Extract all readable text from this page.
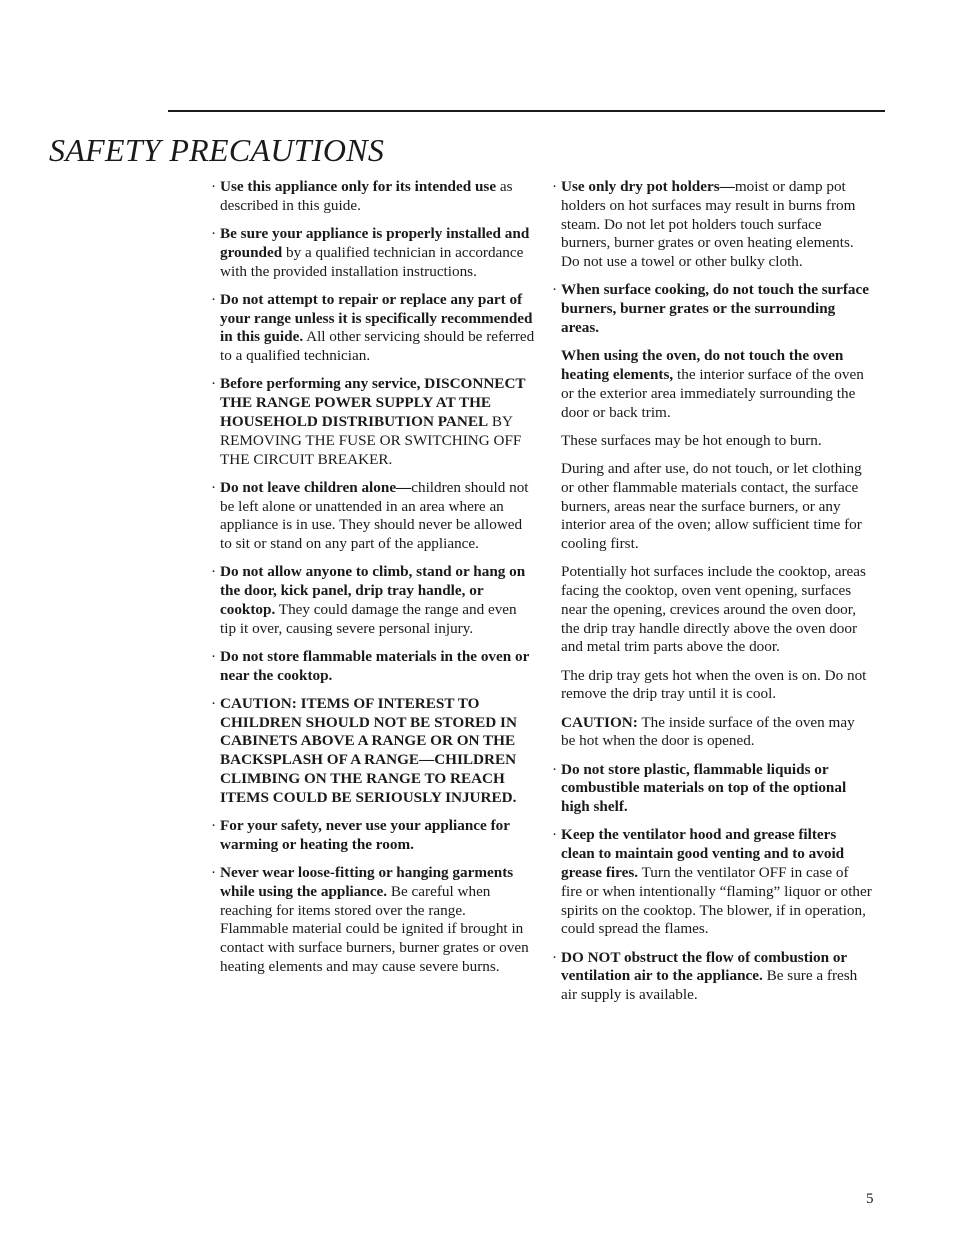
SAFETY PRECAUTIONS
· Use this appliance only for its intended use as described in this guide.
· Be sure your appliance is properly installed and grounded by a qualified technician in accordance with the provided installation instructions.
· Do not attempt to repair or replace any part of your range unless it is specifically recommended in this guide. All other servicing should be referred to a qualified technician.
· Before performing any service, DISCONNECT THE RANGE POWER SUPPLY AT THE HOUSEHOLD DISTRIBUTION PANEL BY REMOVING THE FUSE OR SWITCHING OFF THE CIRCUIT BREAKER.
· Do not leave children alone—children should not be left alone or unattended in an area where an appliance is in use. They should never be allowed to sit or stand on any part of the appliance.
· Do not allow anyone to climb, stand or hang on the door, kick panel, drip tray handle, or cooktop. They could damage the range and even tip it over, causing severe personal injury.
· Do not store flammable materials in the oven or near the cooktop.
· CAUTION: ITEMS OF INTEREST TO CHILDREN SHOULD NOT BE STORED IN CABINETS ABOVE A RANGE OR ON THE BACKSPLASH OF A RANGE—CHILDREN CLIMBING ON THE RANGE TO REACH ITEMS COULD BE SERIOUSLY INJURED.
· For your safety, never use your appliance for warming or heating the room.
· Never wear loose-fitting or hanging garments while using the appliance. Be careful when reaching for items stored over the range. Flammable material could be ignited if brought in contact with surface burners, burner grates or oven heating elements and may cause severe burns.
· Use only dry pot holders—moist or damp pot holders on hot surfaces may result in burns from steam. Do not let pot holders touch surface burners, burner grates or oven heating elements. Do not use a towel or other bulky cloth.
· When surface cooking, do not touch the surface burners, burner grates or the surrounding areas.
When using the oven, do not touch the oven heating elements, the interior surface of the oven or the exterior area immediately surrounding the door or back trim.
These surfaces may be hot enough to burn.
During and after use, do not touch, or let clothing or other flammable materials contact, the surface burners, areas near the surface burners, or any interior area of the oven; allow sufficient time for cooling first.
Potentially hot surfaces include the cooktop, areas facing the cooktop, oven vent opening, surfaces near the opening, crevices around the oven door, the drip tray handle directly above the oven door and metal trim parts above the door.
The drip tray gets hot when the oven is on. Do not remove the drip tray until it is cool.
CAUTION: The inside surface of the oven may be hot when the door is opened.
· Do not store plastic, flammable liquids or combustible materials on top of the optional high shelf.
· Keep the ventilator hood and grease filters clean to maintain good venting and to avoid grease fires. Turn the ventilator OFF in case of fire or when intentionally “flaming” liquor or other spirits on the cooktop. The blower, if in operation, could spread the flames.
· DO NOT obstruct the flow of combustion or ventilation air to the appliance. Be sure a fresh air supply is available.
5
